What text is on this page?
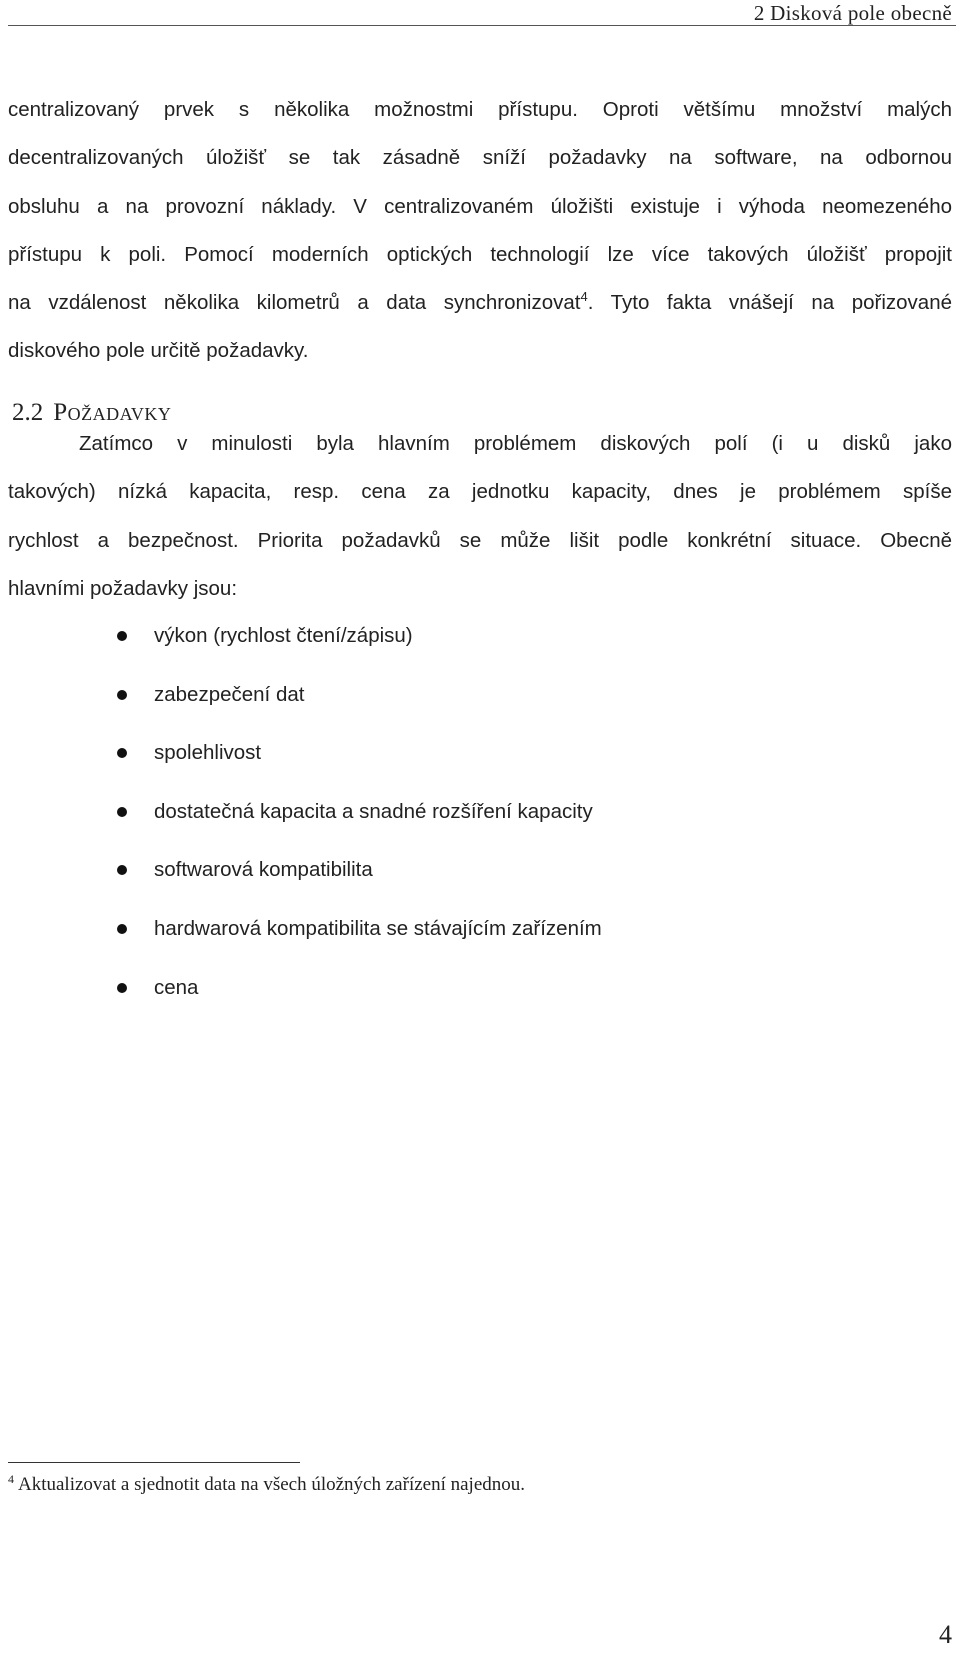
2 Disková pole obecně
centralizovaný prvek s několika možnostmi přístupu. Oproti většímu množství malých
decentralizovaných úložišť se tak zásadně sníží požadavky na software, na odbornou
obsluhu a na provozní náklady. V centralizovaném úložišti existuje i výhoda neomezeného
přístupu k poli. Pomocí moderních optických technologií lze více takových úložišť propojit
na vzdálenost několika kilometrů a data synchronizovat$^4$. Tyto fakta vnášejí na pořizované
diskového pole určitě požadavky.
2.2 Požadavky
Zatímco v minulosti byla hlavním problémem diskových polí (i u disků jako
takových) nízká kapacita, resp. cena za jednotku kapacity, dnes je problémem spíše
rychlost a bezpečnost. Priorita požadavků se může lišit podle konkrétní situace. Obecně
hlavními požadavky jsou:
výkon (rychlost čtení/zápisu)
zabezpečení dat
spolehlivost
dostatečná kapacita a snadné rozšíření kapacity
softwarová kompatibilita
hardwarová kompatibilita se stávajícím zařízením
cena
$^4$ Aktualizovat a sjednotit data na všech úložných zařízení najednou.
4
